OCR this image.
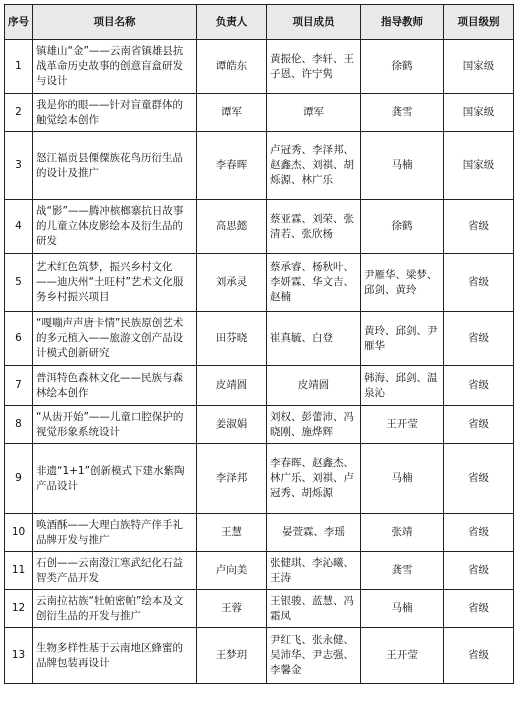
序号	项目名称	负责人	项目成员	指导教师	项目级别
1	镇雄山“金”——云南省镇雄县抗战革命历史故事的创意盲盒研发与设计	谭皓东	黄振伦、李轩、王子恩、许宁隽	徐鹤	国家级
2	我是你的眼——针对盲童群体的触觉绘本创作	谭军	谭军	龚雪	国家级
3	怒江福贡县傈僳族花鸟历衍生品的设计及推广	李春晖	卢冠秀、李泽邦、赵鑫杰、刘祺、胡烁源、林广乐	马楠	国家级
4	战“影”——腾冲槟榔寨抗日故事的儿童立体皮影绘本及衍生品的研发	高思懿	蔡亚霖、刘荣、张清若、张欣杨	徐鹤	省级
5	艺术红色筑梦，振兴乡村文化——迪庆州“土旺村”艺术文化服务乡村振兴项目	刘承灵	蔡承睿、杨秋叶、李妍霖、华文吉、赵楠	尹雁华、梁梦、邱剑、黄玲	省级
6	“嘎嘣声声唐卡情”民族原创艺术的多元植入——旅游文创产品设计模式创新研究	田芬晓	崔真毓、白登	黄玲、邱剑、尹雁华	省级
7	普洱特色森林文化——民族与森林绘本创作	皮靖圆	皮靖圆	韩海、邱剑、温泉沁	省级
8	“从齿开始”——儿童口腔保护的视觉形象系统设计	姜淑娟	刘权、彭蕾沛、冯晓刚、施烨辉	王开莹	省级
9	非遗“1+1”创新模式下建水紫陶产品设计	李泽邦	李春晖、赵鑫杰、林广乐、刘祺、卢冠秀、胡烁源	马楠	省级
10	唤酒酥——大理白族特产伴手礼品牌开发与推广	王慧	晏萱霖、李瑶	张靖	省级
11	石创——云南澄江寒武纪化石益智类产品开发	卢向美	张健琪、李沁曦、王涛	龚雪	省级
12	云南拉祜族“牡帕密帕”绘本及文创衍生品的开发与推广	王蓉	王银骏、蓝慧、冯霜凤	马楠	省级
13	生物多样性基于云南地区蜂蜜的品牌包装再设计	王梦玥	尹红飞、张永健、吴沛华、尹志强、李馨金	王开莹	省级
